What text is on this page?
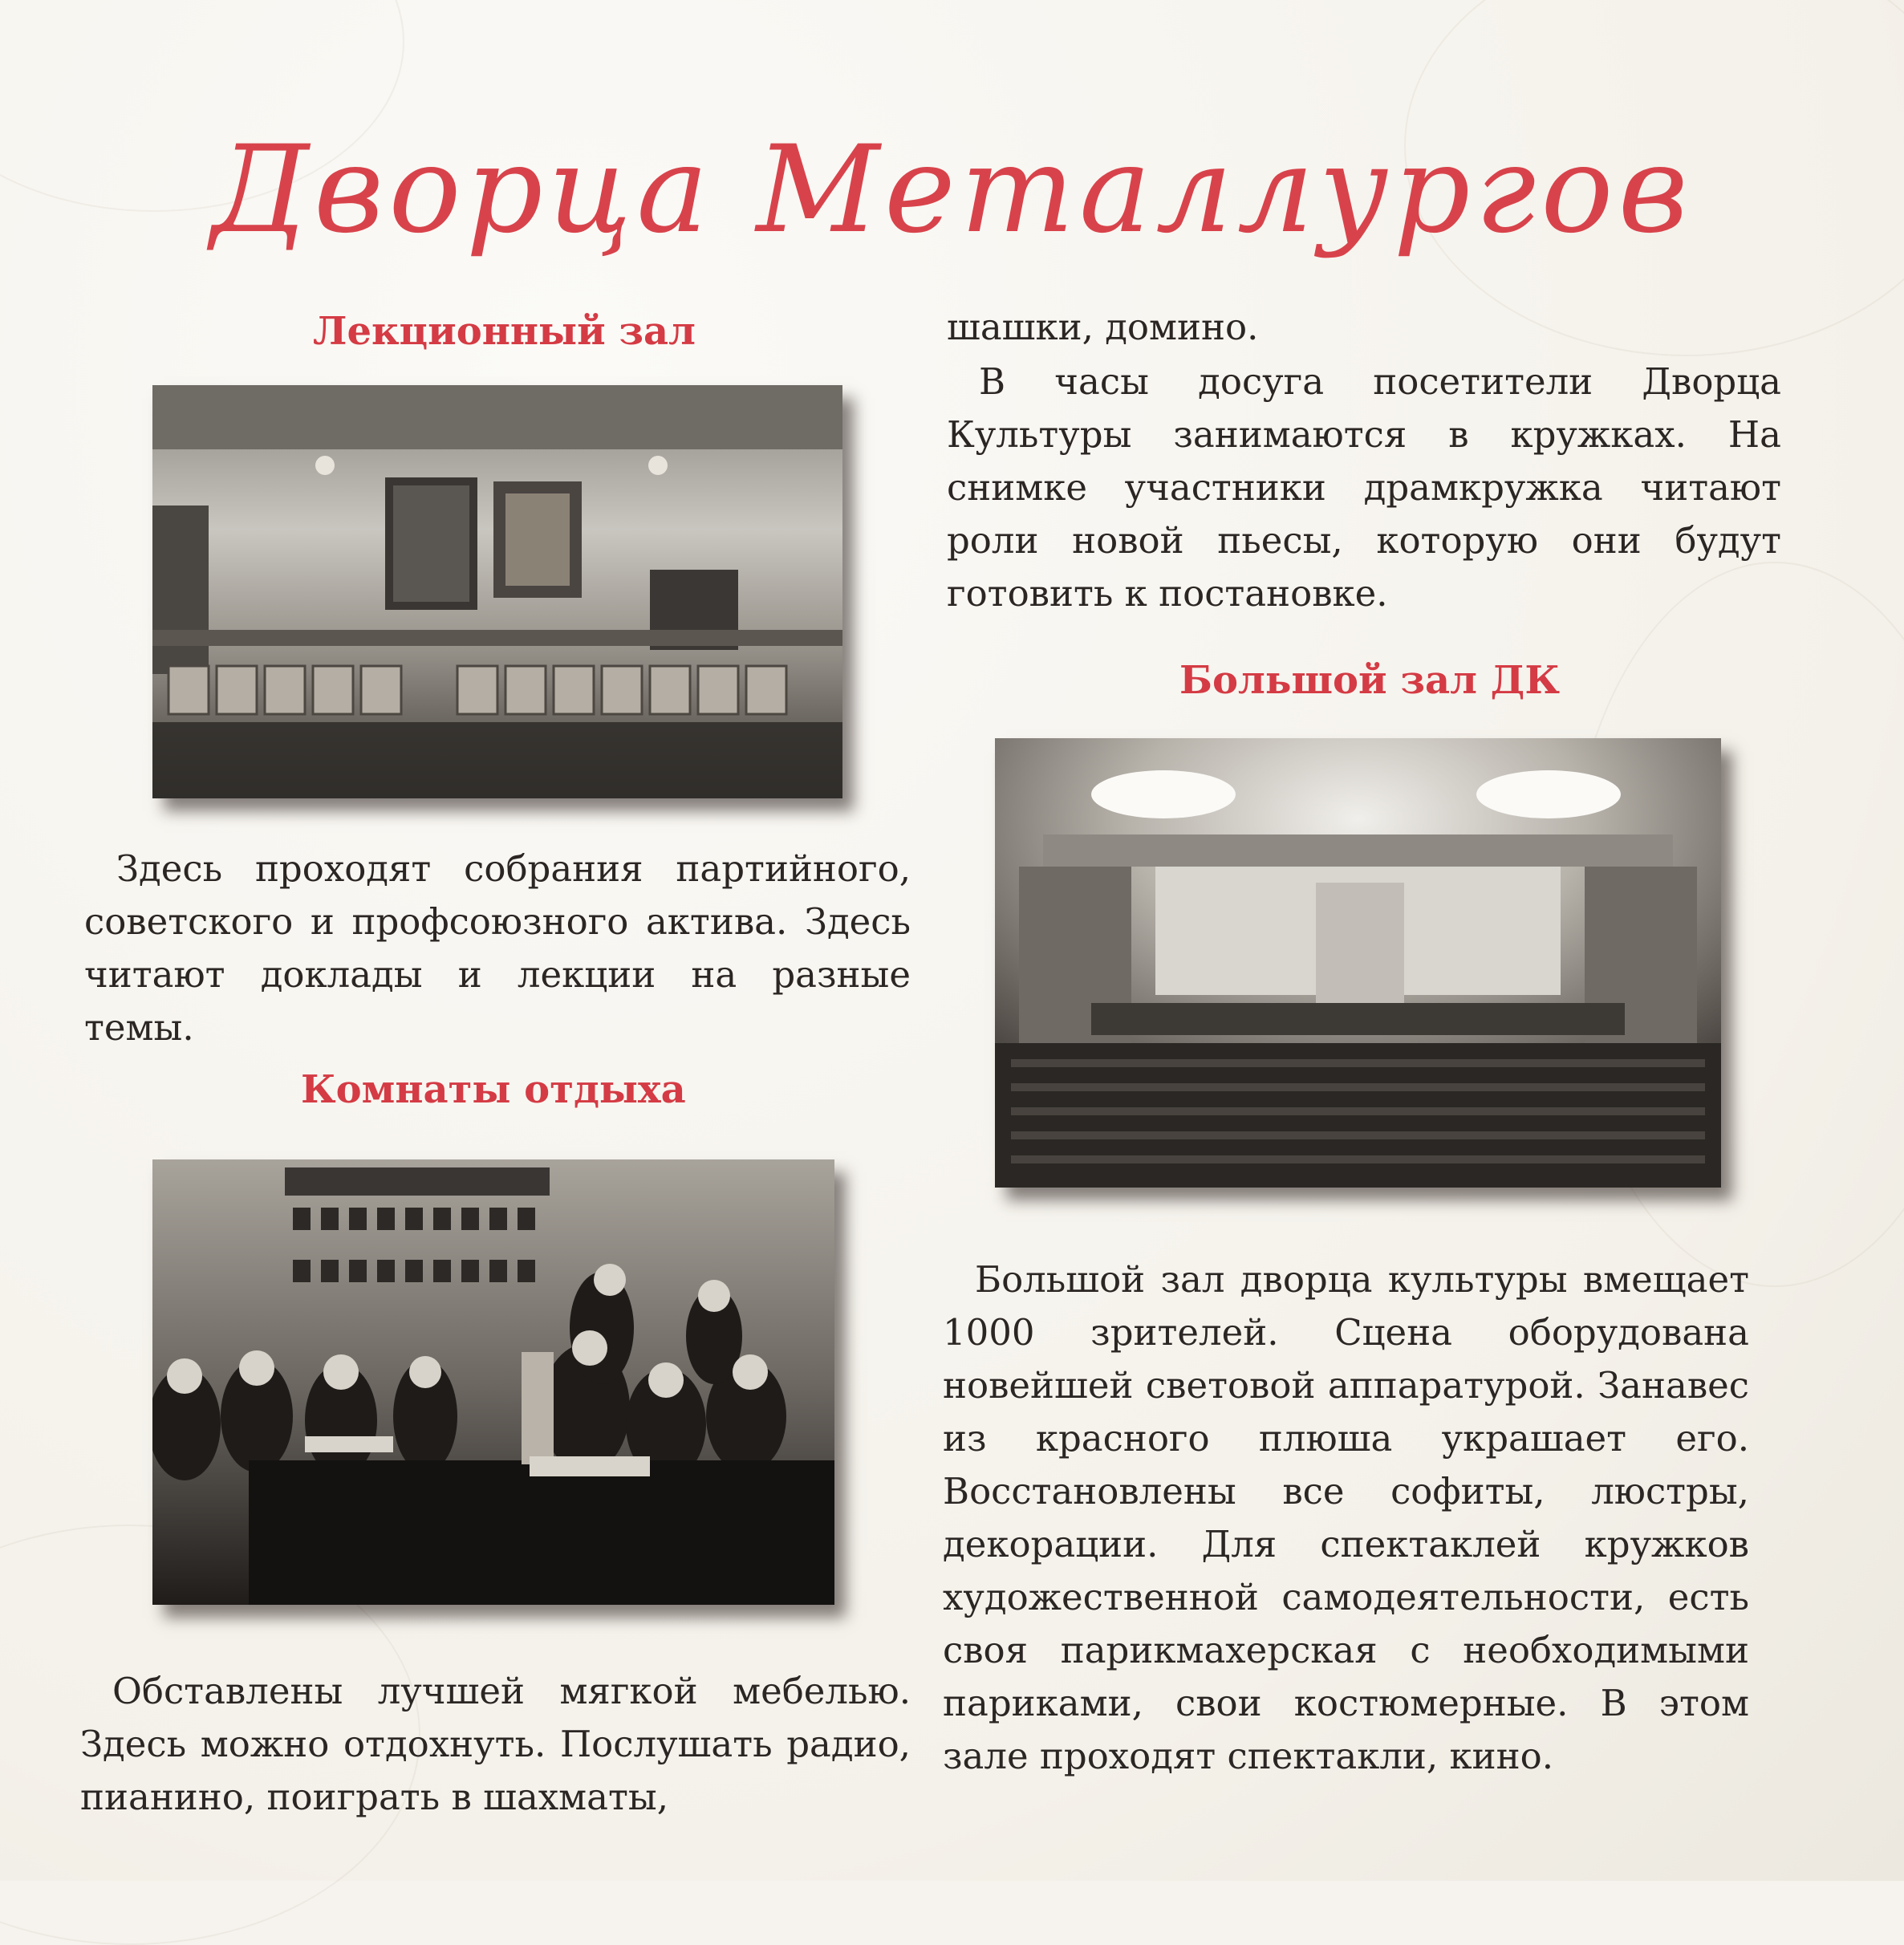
Дворца Металлургов
Лекционный зал
Здесь проходят собрания партийного, советского и профсоюзного актива. Здесь читают доклады и лекции на разные темы.
Комнаты отдыха
Обставлены лучшей мягкой мебелью. Здесь можно отдохнуть. Послушать радио, пианино, поиграть в шахматы,
шашки, домино.
В часы досуга посетители Дворца Культуры занимаются в кружках. На снимке участники драмкружка читают роли новой пьесы, которую они будут готовить к постановке.
Большой зал ДК
Большой зал дворца культуры вмещает 1000 зрителей. Сцена оборудована новейшей световой аппаратурой. Занавес из красного плюша украшает его. Восстановлены все софиты, люстры, декорации. Для спектаклей кружков художественной самодеятельности, есть своя парикмахерская с необходимыми париками, свои костюмерные. В этом зале проходят спектакли, кино.
